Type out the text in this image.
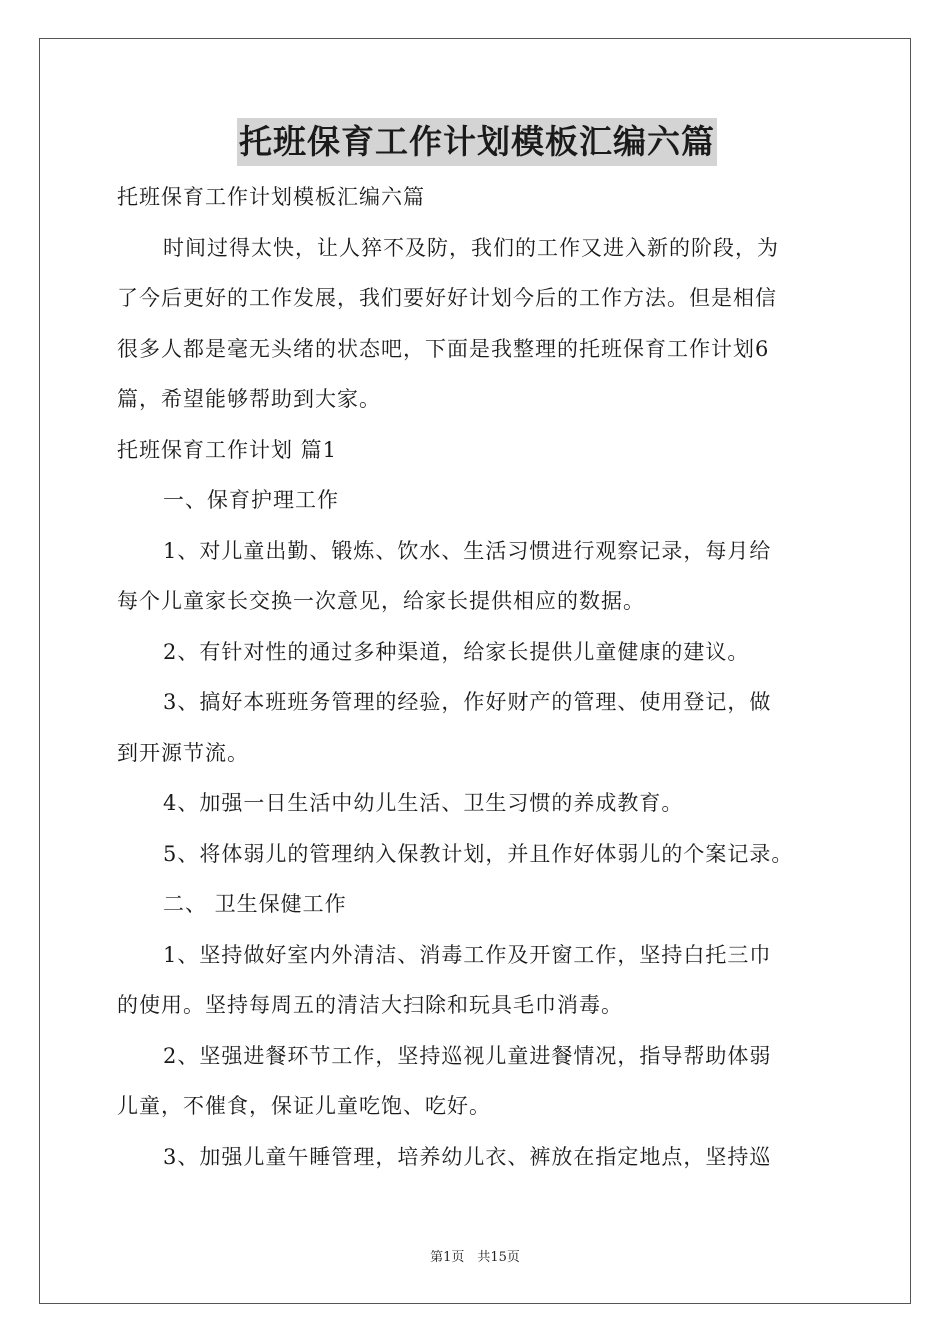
托班保育工作计划模板汇编六篇
托班保育工作计划模板汇编六篇
时间过得太快，让人猝不及防，我们的工作又进入新的阶段，为
了今后更好的工作发展，我们要好好计划今后的工作方法。但是相信
很多人都是毫无头绪的状态吧，下面是我整理的托班保育工作计划6
篇，希望能够帮助到大家。
托班保育工作计划 篇1
一、保育护理工作
1、对儿童出勤、锻炼、饮水、生活习惯进行观察记录，每月给
每个儿童家长交换一次意见，给家长提供相应的数据。
2、有针对性的通过多种渠道，给家长提供儿童健康的建议。
3、搞好本班班务管理的经验，作好财产的管理、使用登记，做
到开源节流。
4、加强一日生活中幼儿生活、卫生习惯的养成教育。
5、将体弱儿的管理纳入保教计划，并且作好体弱儿的个案记录。
二、 卫生保健工作
1、坚持做好室内外清洁、消毒工作及开窗工作，坚持白托三巾
的使用。坚持每周五的清洁大扫除和玩具毛巾消毒。
2、坚强进餐环节工作，坚持巡视儿童进餐情况，指导帮助体弱
儿童，不催食，保证儿童吃饱、吃好。
3、加强儿童午睡管理，培养幼儿衣、裤放在指定地点，坚持巡
第1页　共15页
